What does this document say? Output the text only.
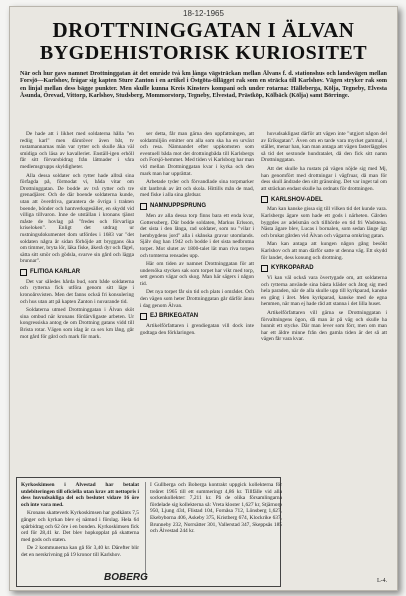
18-12-1965
DROTTNINGGATAN I ÄLVAN
BYGDEHISTORISK KURIOSITET
När och hur gavs namnet Drottninggatan åt det område två km långa vägsträckan mellan Älvans f. d. stationshus och landsvägen mellan Forsjö—Karlshov, frågar sig kapten Sture Zanton i en artikel i Östgöta-tillägget rak som en sträcka till Karlshov. Vägen stryker rak som en linjal mellan dess bägge punkter. Men skulle kunna Kreis Kinsters kompani och under rotarna: Hälleberga, Kölja, Tegneby, Elvesta Åsunda, Örevad, Vittorp, Karlshov, Studsberg, Mommorstorp, Tegneby, Elvestad, Prästköp, Kölbäck (Kölja) samt Börringe.

De hade att i likhet med soldaterna hålla "en rediig karl" men därutöver även båt, tv rustamannarnas män var rytter och skulle åka väl smidiga och läsa av kavalleriet. Enställ-igen erhöll får sitt förvarsbidrag från lättnader i våra medlemsgrupps skyldigheter.

Alla dessa soldater och rytter hade alltså sina förfagda på, förmodat vi, båda vitar om Drottninggatan. De bodde av två rytter och tre grenadjärer. Och de där boende soldaterna kunde, utan att överdriva, garantera de övriga i trakten boende, bönder och hantverksgesäller, en skydd vid villiga tillvaron. Inne de utställan i kronans tjänst måste de hovlag på "fredes och förvarliga kriseloken". Enligt det utdrag ur rustningsdokumentet dom utfördes i 1683 var "det soldaten några år sidan förhöjde att bryggans öka om timmer, bryta lör, läka fiske, åkerå dyr och fågel, sätta sitt smör och gödsla, svarve sin gård och lägga brunnar".

FLITIGA KARLAR

Det var således hårda bud, som både soldaterna och rytterna fick utföra genom sitt läge i kronoårsvisten. Men det fanns också fri konsulering och hus utan att på kapten Zanton i nuvarande tid.

Soldaterna utmed Drottninggatan i Älvan sköt sina ombud när kronans fördärvligaste arbeten. Ur kongressiska antog de om Drottning gatans vidd till Brista rotar. Vägen som idag är ca sex km lång, går mot gård för gård och mark för mark.

ser detta, får man gärna den uppfattningen, att soldatmiljön emitter om alla som ska ha en urväxt och resa. Nämnandet efter uppkomsten som eventuell båda mot det drottningbåda till Karlsbergs och Forsjö-hemmet. Med tiden vi Karlsborg har man vid mellan Drottninggatan kvar i kyrka och den mark man har upprättat.

Arbetade tyder och förvandlade sina torpmarker sitt lantbruk av ätt och skola. Hittills mån de mad, med fiske i alla sina gårdsar.

NAMNUPPSPRUNG

Men av alla dessa torp finns bara ett enda kvar, Gotterssberg. Där bodde soldaten, Markus Erlsson, det sista i den långa, rad soldater, som nu "vilar i hembygdens jord" alla i skånska gravar utomlands. Själv dog han 1942 och bodde i det sista nedbrutna torpet. Mot slutet av 1800-talet lät man riva torpen och tomterna rensades upp.

Här om tiden av namnet Drottninggatan för att undersöka stycken sak som torpet har vikt med torp, sett genom vägar och skog. Man här sägers i någon tid.

Det nya torpet får sin tid och plats i området. Och den vägen som heter Drottninggatan går därför ännu i dag genom Älvan.

EJ BRIKEGATAN

Artikelförfattaren i grendiegatan vill dock inte godtaga den förklaringen.

huvudsakligast därför att vägen inte "utgjort någon del av Eriksgatan". Även om en tarde vara mycket gammal, i stället, menar han, kan man antaga att vägen fasterläggdes så tid det sextonde hundratalet, då den fick sitt namn Drottninggatan.

Att det skulle ha rustats på vägen nöjde sig med Mj, han genomfört med drottningar i vägfruar, då man för dess skull ändrade den sitt gränsning. Det var inget tal om att sträckan endast skulle ha ordnats för drottningen.

KARLSHOV-ADEL

Man kan kanske gissa sig till vilken tid det kunde vara. Karlsbergs ägare som hade ett gods i närheten. Gården byggdes av adelsmän och tillhörde en tid fri Wadstena. Nästa ägare blev, Lucas i bornalen, som sedan länge ägt och brukat gården vid Älvan och vägarna omkring gatan.

Man kan antaga att kungen någon gång besökt Karlshov och att man därför satte ut denna väg. Ett skydd för landet, dess konung och drottning.

KYRKOPARAD

Vi kan väl också vara övertygade om, att soldaterna och rytterna använde sina bästa kläder och åtog sig med hela paraden, när de alla skulle upp till kyrkparad, kanske en gång i året. Men kyrkparad, kanske med de egna hemmen, när man ej hade råd att stanna i det lilla huset.

Artikelförfattaren vill gärna se Drottninggatan i förvaltningens ögon, då man är på väg och skulle ha hunnit ett stycke. Där man lever som förr, men om man har ett äldre minne från den gamla tiden är det så att vägen får vara kvar.

Kyrkoskimsen i Älvestad har betalat utdebiteringen till oficiella utan krav att nettopris i dess huvudsakliga del och beslutet vidare 16 öre och inte vara med.

Kronans skatteverk Kyrkoskimsen har godkänts 7,5 gånger och kyrkan blev ej nämnd i förslag. Hela 64 spårbidrag och 62 öre i en bonden. Kyrkoskimsen fick ord för 28,41 kr. Det blev hopkopplat på skatterna med gods och staten.

De 2 kommunerna kan gå för 3,40 kr. Därefter blir det en nerskrivning på 19 kronor till Karlshov.

I Gullberga och Boberga kontrakt uppgick kollekterna för treåret 1965 till ett summeringt 4,86 kr. Tillfälle vid alla sockenkollekter: 7,211 kr. På de olika församlingarna fördelade sig kollekterna så: Vreta kloster 1,627 kr, Stjärnorp 950, Ljung 434, Flistad 104, Fornåsa 712, Lönsberg 1,627, Ekebyborna 406, Askeby 375, Kristberg 674, Klockrike 637, Brunneby 232, Norrsätter 301, Vallerstad 347, Skeppsås 185 och Älvestad 244 kr.

BOBERG	L-4.
